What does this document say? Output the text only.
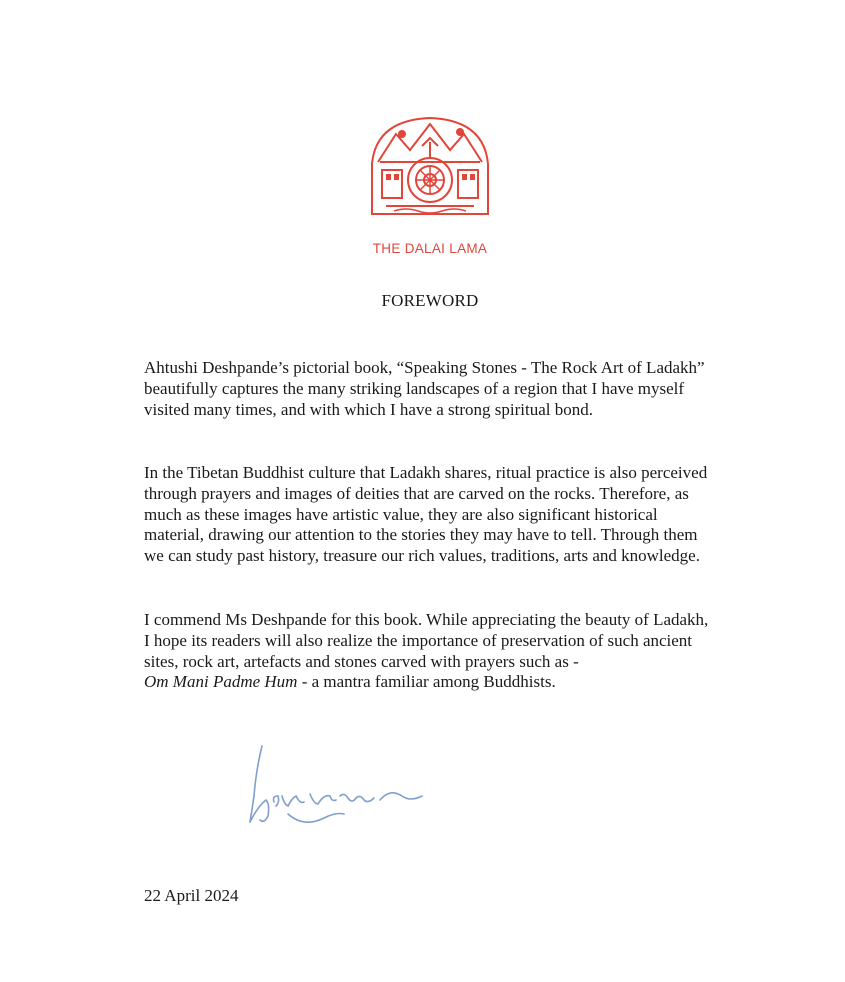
THE DALAI LAMA
FOREWORD

Ahtushi Deshpande’s pictorial book, “Speaking Stones - The Rock Art of Ladakh” beautifully captures the many striking landscapes of a region that I have myself visited many times, and with which I have a strong spiritual bond.

In the Tibetan Buddhist culture that Ladakh shares, ritual practice is also perceived through prayers and images of deities that are carved on the rocks. Therefore, as much as these images have artistic value, they are also significant historical material, drawing our attention to the stories they may have to tell. Through them we can study past history, treasure our rich values, traditions, arts and knowledge.

I commend Ms Deshpande for this book. While appreciating the beauty of Ladakh, I hope its readers will also realize the importance of preservation of such ancient sites, rock art, artefacts and stones carved with prayers such as -
Om Mani Padme Hum - a mantra familiar among Buddhists.

22 April 2024
